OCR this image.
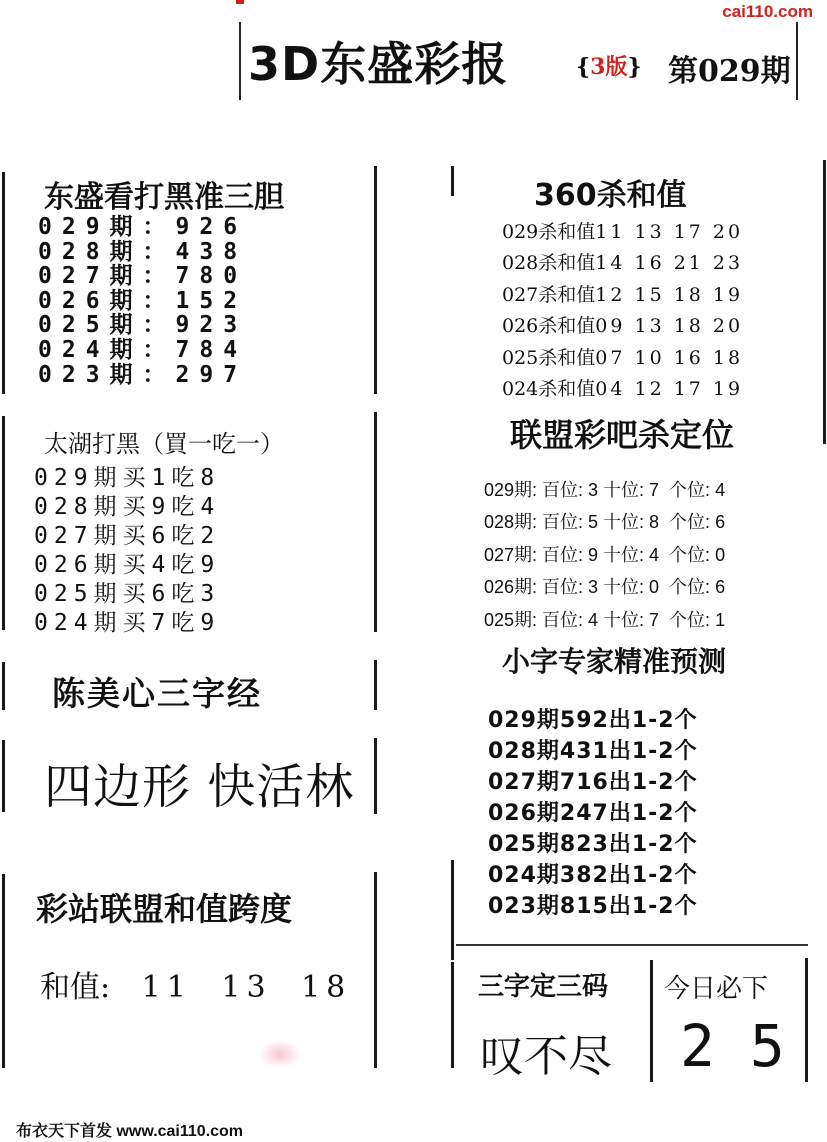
cai110.com
3D东盛彩报	{3版} 第029期
东盛看打黑准三胆
029期：926
028期：438
027期：780
026期：152
025期：923
024期：784
023期：297
太湖打黑（買一吃一）
029期买1吃8
028期买9吃4
027期买6吃2
026期买4吃9
025期买6吃3
024期买7吃9
陈美心三字经
四边形 快活林
彩站联盟和值跨度
和值: 11 13 18
360杀和值
029杀和值11 13 17 20
028杀和值14 16 21 23
027杀和值12 15 18 19
026杀和值09 13 18 20
025杀和值07 10 16 18
024杀和值04 12 17 19
联盟彩吧杀定位
029期: 百位: 3 十位: 7  个位: 4
028期: 百位: 5 十位: 8  个位: 6
027期: 百位: 9 十位: 4  个位: 0
026期: 百位: 3 十位: 0  个位: 6
025期: 百位: 4 十位: 7  个位: 1
小字专家精准预测
029期592出1-2个
028期431出1-2个
027期716出1-2个
026期247出1-2个
025期823出1-2个
024期382出1-2个
023期815出1-2个
三字定三码
叹不尽
今日必下
2 5
布衣天下首发 www.cai110.com
